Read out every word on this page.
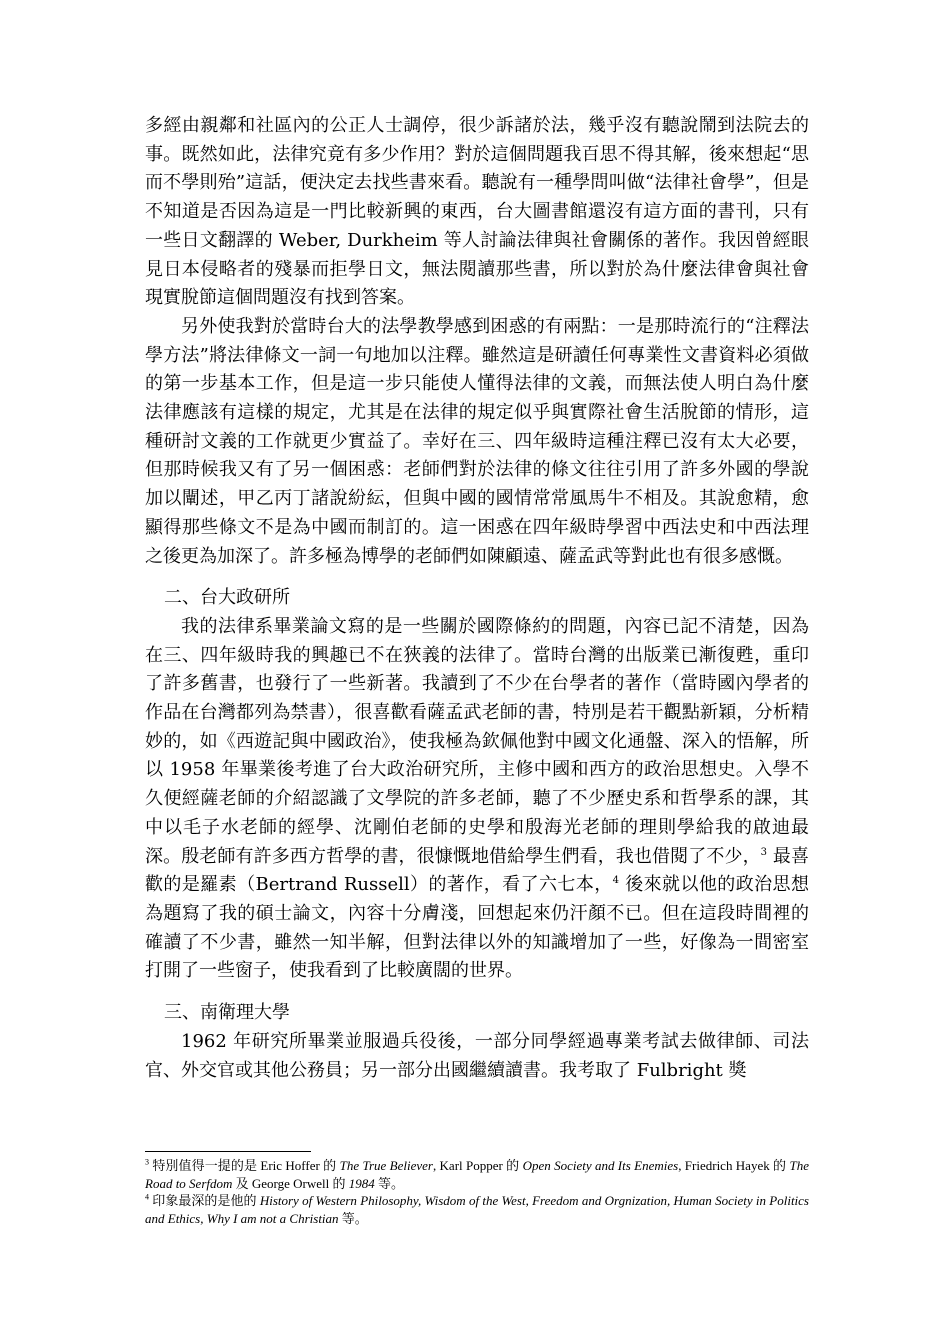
多經由親鄰和社區內的公正人士調停，很少訴諸於法，幾乎沒有聽說鬧到法院去的事。既然如此，法律究竟有多少作用？對於這個問題我百思不得其解，後來想起“思而不學則殆”這話，便決定去找些書來看。聽說有一種學問叫做“法律社會學”，但是不知道是否因為這是一門比較新興的東西，台大圖書館還沒有這方面的書刊，只有一些日文翻譯的 Weber, Durkheim 等人討論法律與社會關係的著作。我因曾經眼見日本侵略者的殘暴而拒學日文，無法閱讀那些書，所以對於為什麼法律會與社會現實脫節這個問題沒有找到答案。

另外使我對於當時台大的法學教學感到困惑的有兩點：一是那時流行的“注釋法學方法”將法律條文一詞一句地加以注釋。雖然這是研讀任何專業性文書資料必須做的第一步基本工作，但是這一步只能使人懂得法律的文義，而無法使人明白為什麼法律應該有這樣的規定，尤其是在法律的規定似乎與實際社會生活脫節的情形，這種研討文義的工作就更少實益了。幸好在三、四年級時這種注釋已沒有太大必要，但那時候我又有了另一個困惑：老師們對於法律的條文往往引用了許多外國的學說加以闡述，甲乙丙丁諸說紛紜，但與中國的國情常常風馬牛不相及。其說愈精，愈顯得那些條文不是為中國而制訂的。這一困惑在四年級時學習中西法史和中西法理之後更為加深了。許多極為博學的老師們如陳顧遠、薩孟武等對此也有很多感慨。

二、台大政研所

我的法律系畢業論文寫的是一些關於國際條約的問題，內容已記不清楚，因為在三、四年級時我的興趣已不在狹義的法律了。當時台灣的出版業已漸復甦，重印了許多舊書，也發行了一些新著。我讀到了不少在台學者的著作（當時國內學者的作品在台灣都列為禁書），很喜歡看薩孟武老師的書，特別是若干觀點新穎，分析精妙的，如《西遊記與中國政治》，使我極為欽佩他對中國文化通盤、深入的悟解，所以 1958 年畢業後考進了台大政治研究所，主修中國和西方的政治思想史。入學不久便經薩老師的介紹認識了文學院的許多老師，聽了不少歷史系和哲學系的課，其中以毛子水老師的經學、沈剛伯老師的史學和殷海光老師的理則學給我的啟迪最深。殷老師有許多西方哲學的書，很慷慨地借給學生們看，我也借閱了不少，$^3$ 最喜歡的是羅素（Bertrand Russell）的著作，看了六七本，$^4$ 後來就以他的政治思想為題寫了我的碩士論文，內容十分膚淺，回想起來仍汗顏不已。但在這段時間裡的確讀了不少書，雖然一知半解，但對法律以外的知識增加了一些，好像為一間密室打開了一些窗子，使我看到了比較廣闊的世界。

三、南衛理大學

1962 年研究所畢業並服過兵役後，一部分同學經過專業考試去做律師、司法官、外交官或其他公務員；另一部分出國繼續讀書。我考取了 Fulbright 獎

$^3$ 特別值得一提的是 Eric Hoffer 的 The True Believer, Karl Popper 的 Open Society and Its Enemies, Friedrich Hayek 的 The Road to Serfdom 及 George Orwell 的 1984 等。

$^4$ 印象最深的是他的 History of Western Philosophy, Wisdom of the West, Freedom and Orgnization, Human Society in Politics and Ethics, Why I am not a Christian 等。
